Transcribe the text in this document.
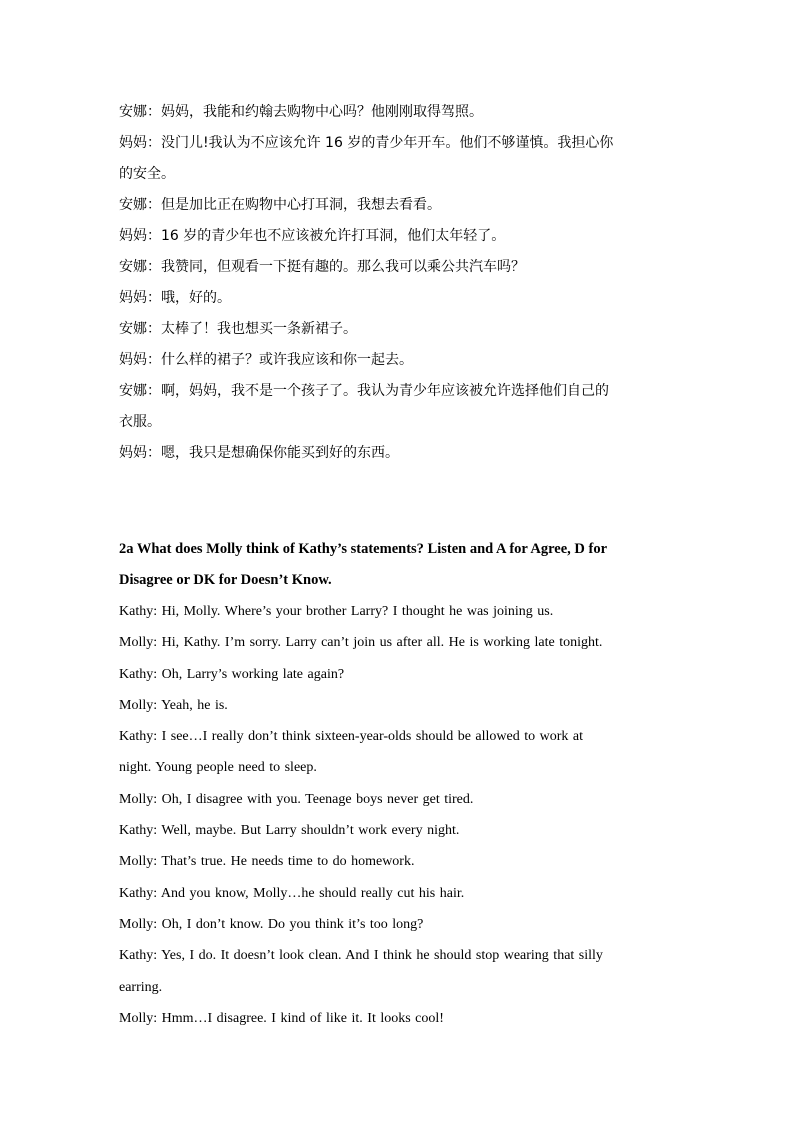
安娜：妈妈，我能和约翰去购物中心吗？他刚刚取得驾照。
妈妈：没门儿!我认为不应该允许 16 岁的青少年开车。他们不够谨慎。我担心你
的安全。
安娜：但是加比正在购物中心打耳洞，我想去看看。
妈妈：16 岁的青少年也不应该被允许打耳洞，他们太年轻了。
安娜：我赞同，但观看一下挺有趣的。那么我可以乘公共汽车吗？
妈妈：哦，好的。
安娜：太棒了！我也想买一条新裙子。
妈妈：什么样的裙子？或许我应该和你一起去。
安娜：啊，妈妈，我不是一个孩子了。我认为青少年应该被允许选择他们自己的
衣服。
妈妈：嗯，我只是想确保你能买到好的东西。
2a What does Molly think of Kathy’s statements? Listen and A for Agree, D for
Disagree or DK for Doesn’t Know.
Kathy: Hi, Molly. Where’s your brother Larry? I thought he was joining us.
Molly: Hi, Kathy. I’m sorry. Larry can’t join us after all. He is working late tonight.
Kathy: Oh, Larry’s working late again?
Molly: Yeah, he is.
Kathy: I see…I really don’t think sixteen-year-olds should be allowed to work at
night. Young people need to sleep.
Molly: Oh, I disagree with you. Teenage boys never get tired.
Kathy: Well, maybe. But Larry shouldn’t work every night.
Molly: That’s true. He needs time to do homework.
Kathy: And you know, Molly…he should really cut his hair.
Molly: Oh, I don’t know. Do you think it’s too long?
Kathy: Yes, I do. It doesn’t look clean. And I think he should stop wearing that silly
earring.
Molly: Hmm…I disagree. I kind of like it. It looks cool!
